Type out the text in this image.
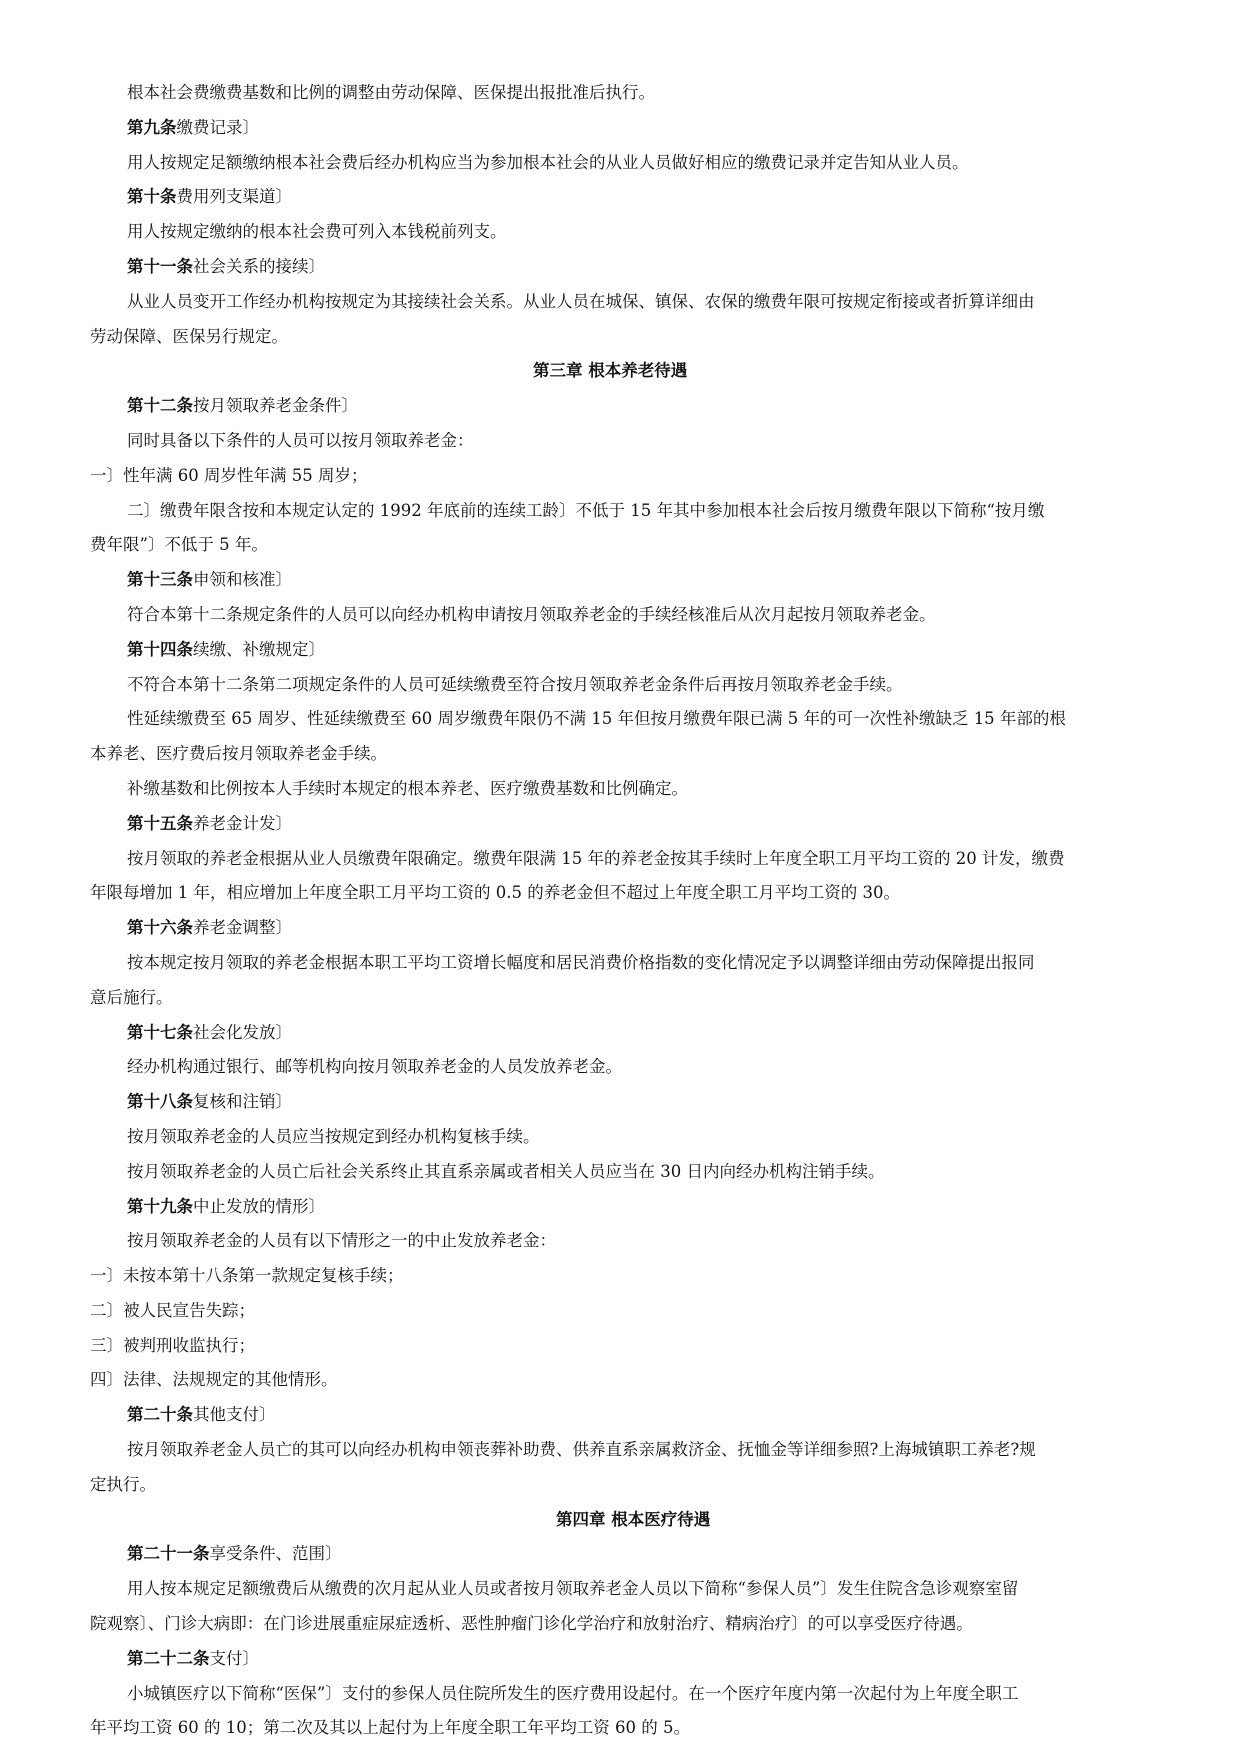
根本社会费缴费基数和比例的调整由劳动保障、医保提出报批准后执行。

第九条缴费记录〕

用人按规定足额缴纳根本社会费后经办机构应当为参加根本社会的从业人员做好相应的缴费记录并定告知从业人员。

第十条费用列支渠道〕

用人按规定缴纳的根本社会费可列入本钱税前列支。

第十一条社会关系的接续〕

从业人员变开工作经办机构按规定为其接续社会关系。从业人员在城保、镇保、农保的缴费年限可按规定衔接或者折算详细由

劳动保障、医保另行规定。

第三章 根本养老待遇

第十二条按月领取养老金条件〕

同时具备以下条件的人员可以按月领取养老金：

一〕性年满 60 周岁性年满 55 周岁；

二〕缴费年限含按和本规定认定的 1992 年底前的连续工龄〕不低于 15 年其中参加根本社会后按月缴费年限以下简称“按月缴

费年限”〕不低于 5 年。

第十三条申领和核准〕

符合本第十二条规定条件的人员可以向经办机构申请按月领取养老金的手续经核准后从次月起按月领取养老金。

第十四条续缴、补缴规定〕

不符合本第十二条第二项规定条件的人员可延续缴费至符合按月领取养老金条件后再按月领取养老金手续。

性延续缴费至 65 周岁、性延续缴费至 60 周岁缴费年限仍不满 15 年但按月缴费年限已满 5 年的可一次性补缴缺乏 15 年部的根

本养老、医疗费后按月领取养老金手续。

补缴基数和比例按本人手续时本规定的根本养老、医疗缴费基数和比例确定。

第十五条养老金计发〕

按月领取的养老金根据从业人员缴费年限确定。缴费年限满 15 年的养老金按其手续时上年度全职工月平均工资的 20 计发，缴费

年限每增加 1 年，相应增加上年度全职工月平均工资的 0.5 的养老金但不超过上年度全职工月平均工资的 30。

第十六条养老金调整〕

按本规定按月领取的养老金根据本职工平均工资增长幅度和居民消费价格指数的变化情况定予以调整详细由劳动保障提出报同

意后施行。

第十七条社会化发放〕

经办机构通过银行、邮等机构向按月领取养老金的人员发放养老金。

第十八条复核和注销〕

按月领取养老金的人员应当按规定到经办机构复核手续。

按月领取养老金的人员亡后社会关系终止其直系亲属或者相关人员应当在 30 日内向经办机构注销手续。

第十九条中止发放的情形〕

按月领取养老金的人员有以下情形之一的中止发放养老金：

一〕未按本第十八条第一款规定复核手续；

二〕被人民宣告失踪；

三〕被判刑收监执行；

四〕法律、法规规定的其他情形。

第二十条其他支付〕

按月领取养老金人员亡的其可以向经办机构申领丧葬补助费、供养直系亲属救济金、抚恤金等详细参照?上海城镇职工养老?规

定执行。

第四章 根本医疗待遇

第二十一条享受条件、范围〕

用人按本规定足额缴费后从缴费的次月起从业人员或者按月领取养老金人员以下简称“参保人员”〕发生住院含急诊观察室留

院观察〕、门诊大病即：在门诊进展重症尿症透析、恶性肿瘤门诊化学治疗和放射治疗、精病治疗〕的可以享受医疗待遇。

第二十二条支付〕

小城镇医疗以下简称“医保”〕支付的参保人员住院所发生的医疗费用设起付。在一个医疗年度内第一次起付为上年度全职工

年平均工资 60 的 10；第二次及其以上起付为上年度全职工年平均工资 60 的 5。
